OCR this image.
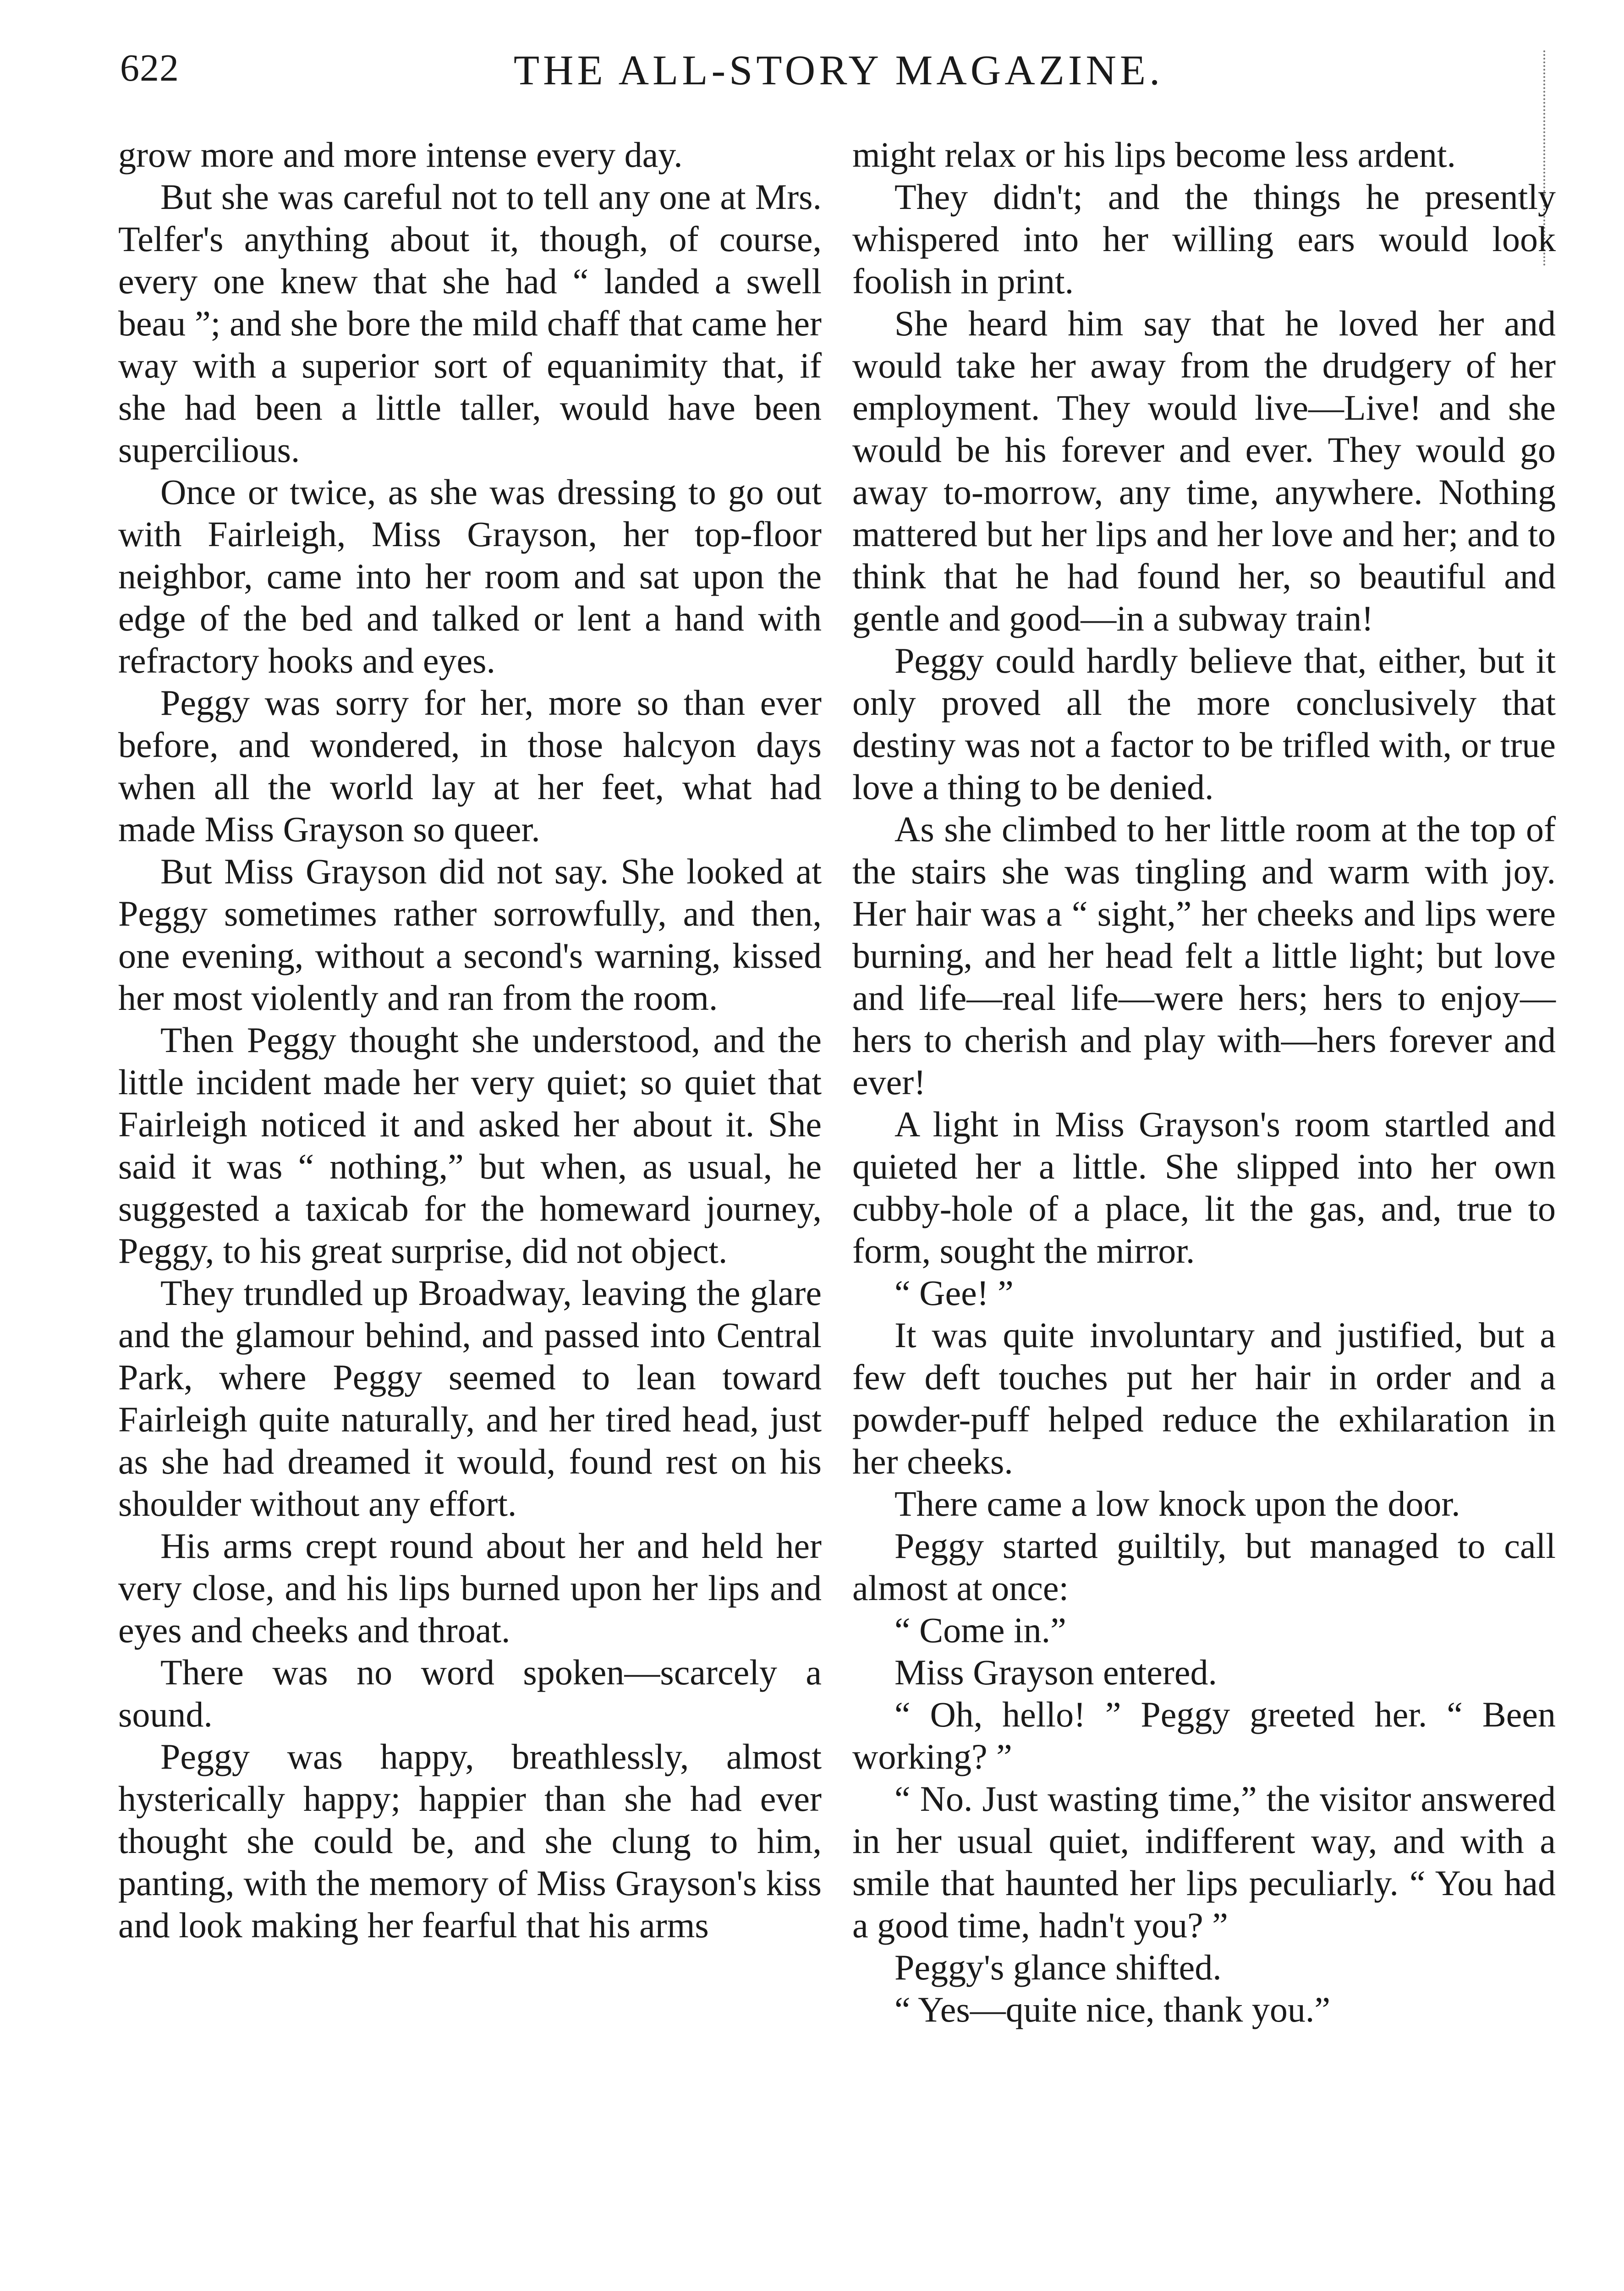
622	THE ALL-STORY MAGAZINE.

grow more and more intense every day.

But she was careful not to tell any one at Mrs. Telfer's anything about it, though, of course, every one knew that she had “ landed a swell beau ”; and she bore the mild chaff that came her way with a superior sort of equanimity that, if she had been a little taller, would have been supercilious.

Once or twice, as she was dressing to go out with Fairleigh, Miss Grayson, her top-floor neighbor, came into her room and sat upon the edge of the bed and talked or lent a hand with refractory hooks and eyes.

Peggy was sorry for her, more so than ever before, and wondered, in those halcyon days when all the world lay at her feet, what had made Miss Grayson so queer.

But Miss Grayson did not say. She looked at Peggy sometimes rather sorrowfully, and then, one evening, without a second's warning, kissed her most violently and ran from the room.

Then Peggy thought she understood, and the little incident made her very quiet; so quiet that Fairleigh noticed it and asked her about it. She said it was “ nothing,” but when, as usual, he suggested a taxicab for the homeward journey, Peggy, to his great surprise, did not object.

They trundled up Broadway, leaving the glare and the glamour behind, and passed into Central Park, where Peggy seemed to lean toward Fairleigh quite naturally, and her tired head, just as she had dreamed it would, found rest on his shoulder without any effort.

His arms crept round about her and held her very close, and his lips burned upon her lips and eyes and cheeks and throat.

There was no word spoken—scarcely a sound.

Peggy was happy, breathlessly, almost hysterically happy; happier than she had ever thought she could be, and she clung to him, panting, with the memory of Miss Grayson's kiss and look making her fearful that his arms

might relax or his lips become less ardent.

They didn't; and the things he presently whispered into her willing ears would look foolish in print.

She heard him say that he loved her and would take her away from the drudgery of her employment. They would live—Live! and she would be his forever and ever. They would go away to-morrow, any time, anywhere. Nothing mattered but her lips and her love and her; and to think that he had found her, so beautiful and gentle and good—in a subway train!

Peggy could hardly believe that, either, but it only proved all the more conclusively that destiny was not a factor to be trifled with, or true love a thing to be denied.

As she climbed to her little room at the top of the stairs she was tingling and warm with joy. Her hair was a “ sight,” her cheeks and lips were burning, and her head felt a little light; but love and life—real life—were hers; hers to enjoy—hers to cherish and play with—hers forever and ever!

A light in Miss Grayson's room startled and quieted her a little. She slipped into her own cubby-hole of a place, lit the gas, and, true to form, sought the mirror.

“ Gee! ”

It was quite involuntary and justified, but a few deft touches put her hair in order and a powder-puff helped reduce the exhilaration in her cheeks.

There came a low knock upon the door.

Peggy started guiltily, but managed to call almost at once:

“ Come in.”

Miss Grayson entered.

“ Oh, hello! ” Peggy greeted her. “ Been working? ”

“ No. Just wasting time,” the visitor answered in her usual quiet, indifferent way, and with a smile that haunted her lips peculiarly. “ You had a good time, hadn't you? ”

Peggy's glance shifted.

“ Yes—quite nice, thank you.”
